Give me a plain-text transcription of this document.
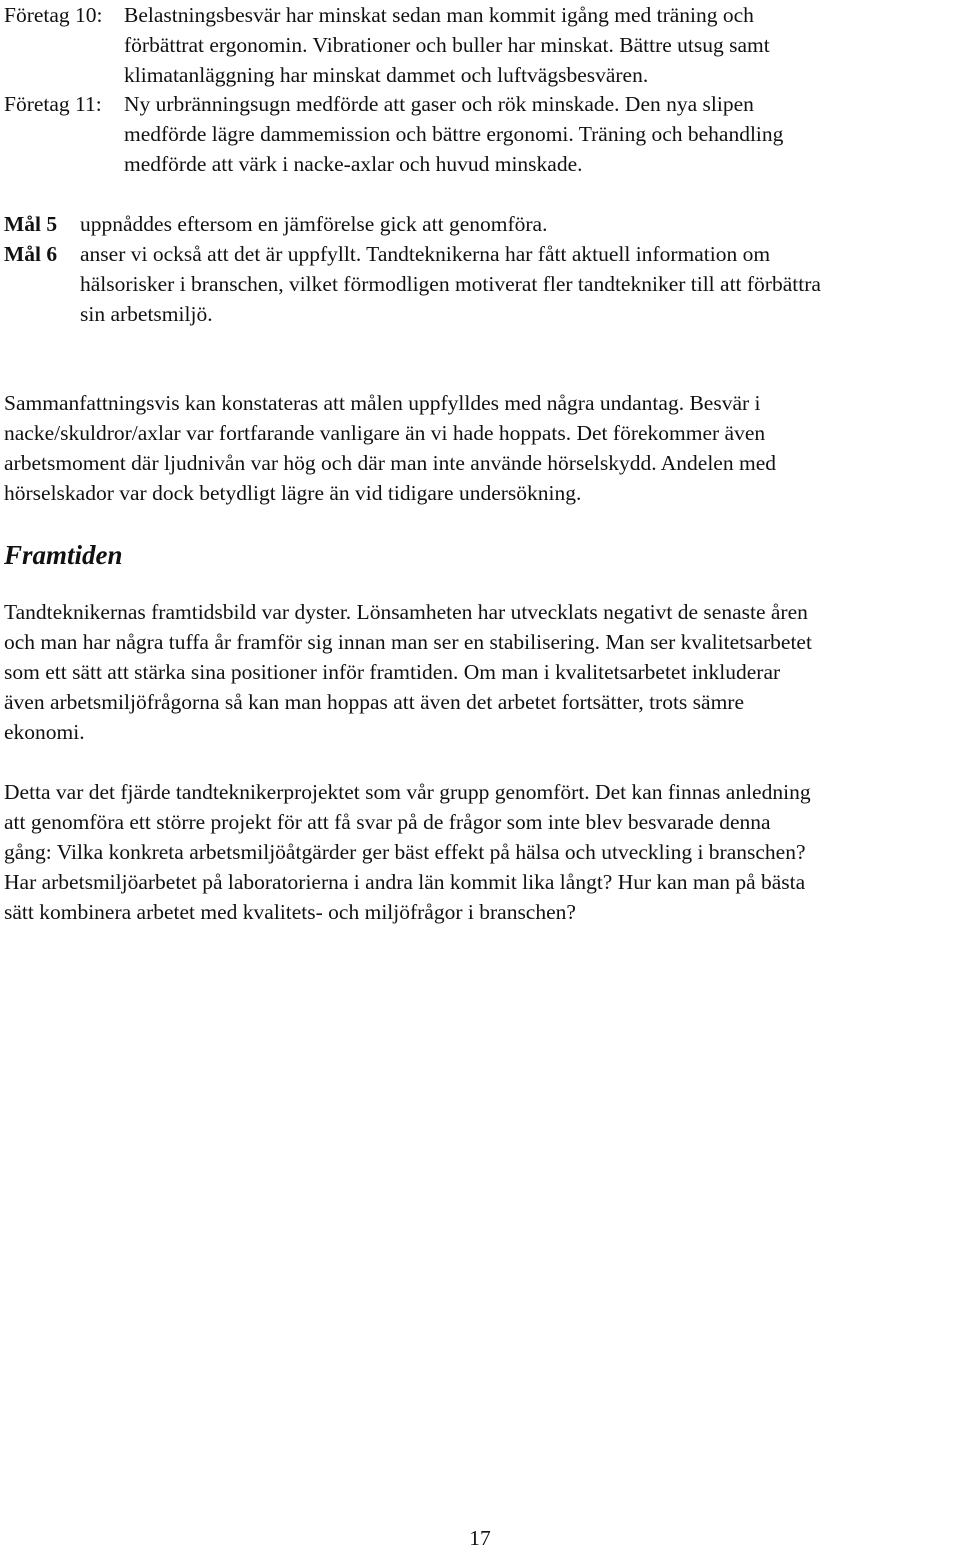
Företag 10: Belastningsbesvär har minskat sedan man kommit igång med träning och
förbättrat ergonomin. Vibrationer och buller har minskat. Bättre utsug samt
klimatanläggning har minskat dammet och luftvägsbesvären.
Företag 11: Ny urbränningsugn medförde att gaser och rök minskade. Den nya slipen
medförde lägre dammemission och bättre ergonomi. Träning och behandling
medförde att värk i nacke-axlar och huvud minskade.
Mål 5 uppnåddes eftersom en jämförelse gick att genomföra.
Mål 6 anser vi också att det är uppfyllt. Tandteknikerna har fått aktuell information om
hälsorisker i branschen, vilket förmodligen motiverat fler tandtekniker till att förbättra
sin arbetsmiljö.
Sammanfattningsvis kan konstateras att målen uppfylldes med några undantag. Besvär i
nacke/skuldror/axlar var fortfarande vanligare än vi hade hoppats. Det förekommer även
arbetsmoment där ljudnivån var hög och där man inte använde hörselskydd. Andelen med
hörselskador var dock betydligt lägre än vid tidigare undersökning.
Framtiden
Tandteknikernas framtidsbild var dyster. Lönsamheten har utvecklats negativt de senaste åren
och man har några tuffa år framför sig innan man ser en stabilisering. Man ser kvalitetsarbetet
som ett sätt att stärka sina positioner inför framtiden. Om man i kvalitetsarbetet inkluderar
även arbetsmiljöfrågorna så kan man hoppas att även det arbetet fortsätter, trots sämre
ekonomi.
Detta var det fjärde tandteknikerprojektet som vår grupp genomfört. Det kan finnas anledning
att genomföra ett större projekt för att få svar på de frågor som inte blev besvarade denna
gång: Vilka konkreta arbetsmiljöåtgärder ger bäst effekt på hälsa och utveckling i branschen?
Har arbetsmiljöarbetet på laboratorierna i andra län kommit lika långt? Hur kan man på bästa
sätt kombinera arbetet med kvalitets- och miljöfrågor i branschen?
17
